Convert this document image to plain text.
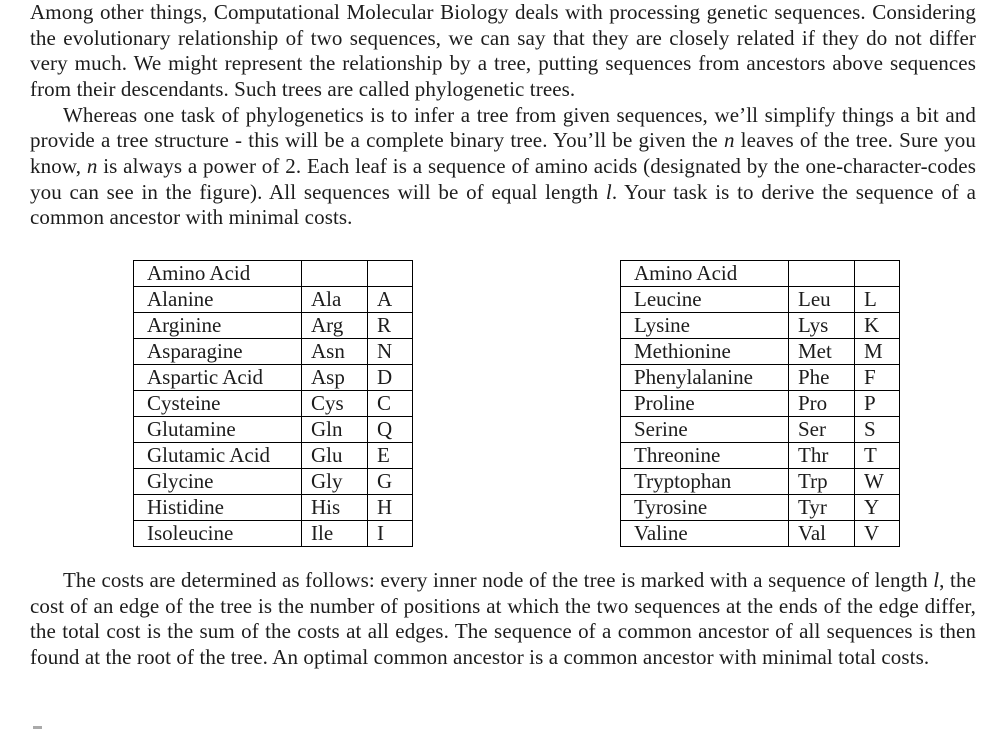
Among other things, Computational Molecular Biology deals with processing genetic sequences. Considering the evolutionary relationship of two sequences, we can say that they are closely related if they do not differ very much. We might represent the relationship by a tree, putting sequences from ancestors above sequences from their descendants. Such trees are called phylogenetic trees.

Whereas one task of phylogenetics is to infer a tree from given sequences, we’ll simplify things a bit and provide a tree structure - this will be a complete binary tree. You’ll be given the n leaves of the tree. Sure you know, n is always a power of 2. Each leaf is a sequence of amino acids (designated by the one-character-codes you can see in the figure). All sequences will be of equal length l. Your task is to derive the sequence of a common ancestor with minimal costs.

Amino Acid		
Alanine	Ala	A
Arginine	Arg	R
Asparagine	Asn	N
Aspartic Acid	Asp	D
Cysteine	Cys	C
Glutamine	Gln	Q
Glutamic Acid	Glu	E
Glycine	Gly	G
Histidine	His	H
Isoleucine	Ile	I
Amino Acid		
Leucine	Leu	L
Lysine	Lys	K
Methionine	Met	M
Phenylalanine	Phe	F
Proline	Pro	P
Serine	Ser	S
Threonine	Thr	T
Tryptophan	Trp	W
Tyrosine	Tyr	Y
Valine	Val	V

The costs are determined as follows: every inner node of the tree is marked with a sequence of length l, the cost of an edge of the tree is the number of positions at which the two sequences at the ends of the edge differ, the total cost is the sum of the costs at all edges. The sequence of a common ancestor of all sequences is then found at the root of the tree. An optimal common ancestor is a common ancestor with minimal total costs.
